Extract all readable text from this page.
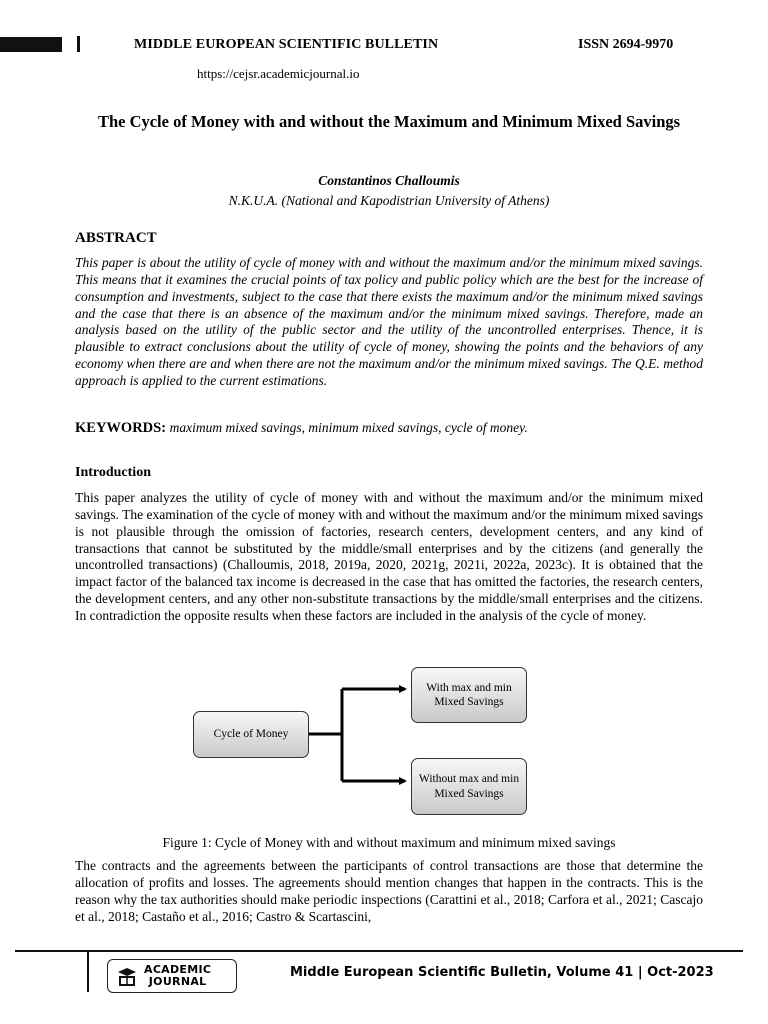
MIDDLE EUROPEAN SCIENTIFIC BULLETIN	ISSN 2694-9970
https://cejsr.academicjournal.io
The Cycle of Money with and without the Maximum and Minimum Mixed Savings
Constantinos Challoumis
N.K.U.A. (National and Kapodistrian University of Athens)
ABSTRACT
This paper is about the utility of cycle of money with and without the maximum and/or the minimum mixed savings. This means that it examines the crucial points of tax policy and public policy which are the best for the increase of consumption and investments, subject to the case that there exists the maximum and/or the minimum mixed savings and the case that there is an absence of the maximum and/or the minimum mixed savings. Therefore, made an analysis based on the utility of the public sector and the utility of the uncontrolled enterprises. Thence, it is plausible to extract conclusions about the utility of cycle of money, showing the points and the behaviors of any economy when there are and when there are not the maximum and/or the minimum mixed savings. The Q.E. method approach is applied to the current estimations.
KEYWORDS: maximum mixed savings, minimum mixed savings, cycle of money.
Introduction
This paper analyzes the utility of cycle of money with and without the maximum and/or the minimum mixed savings. The examination of the cycle of money with and without the maximum and/or the minimum mixed savings is not plausible through the omission of factories, research centers, development centers, and any kind of transactions that cannot be substituted by the middle/small enterprises and by the citizens (and generally the uncontrolled transactions) (Challoumis, 2018, 2019a, 2020, 2021g, 2021i, 2022a, 2023c). It is obtained that the impact factor of the balanced tax income is decreased in the case that has omitted the factories, the research centers, the development centers, and any other non-substitute transactions by the middle/small enterprises and the citizens. In contradiction the opposite results when these factors are included in the analysis of the cycle of money.
Cycle of Money
With max and min Mixed Savings
Without max and min Mixed Savings
Figure 1: Cycle of Money with and without maximum and minimum mixed savings
The contracts and the agreements between the participants of control transactions are those that determine the allocation of profits and losses. The agreements should mention changes that happen in the contracts. This is the reason why the tax authorities should make periodic inspections (Carattini et al., 2018; Carfora et al., 2021; Cascajo et al., 2018; Castaño et al., 2016; Castro & Scartascini,
ACADEMIC
JOURNAL
Middle European Scientific Bulletin, Volume 41 | Oct-2023
